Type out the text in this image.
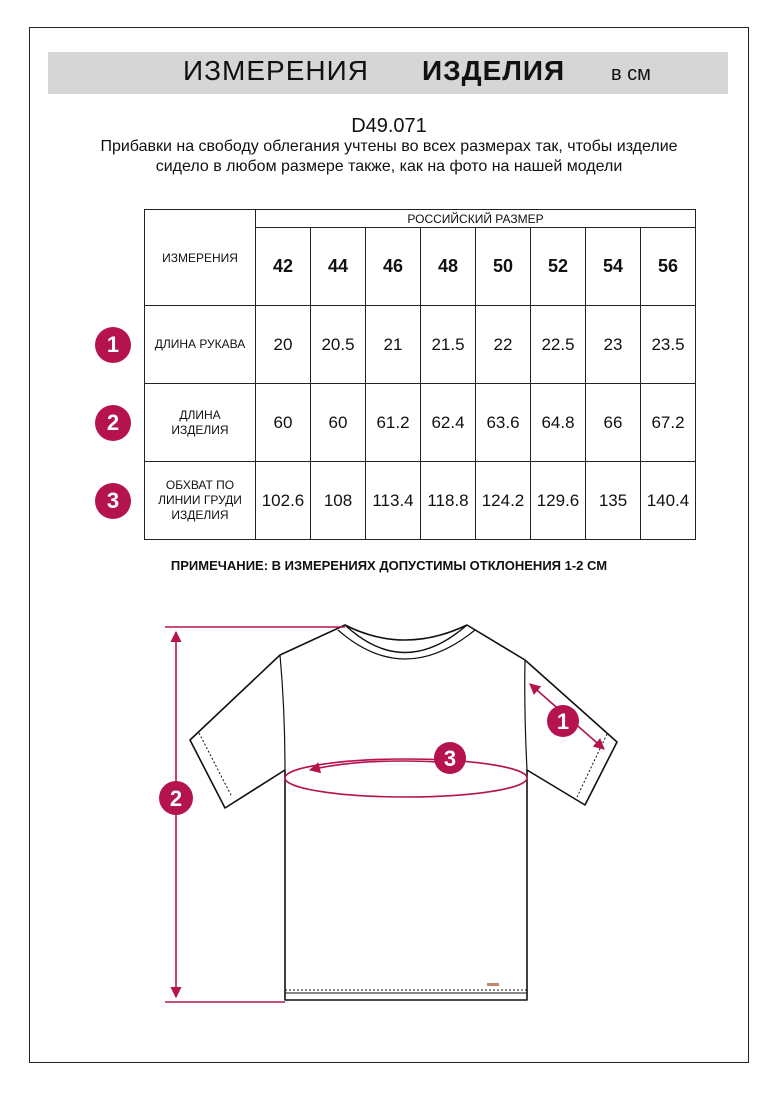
ИЗМЕРЕНИЯ ИЗДЕЛИЯ в см
D49.071
Прибавки на свободу облегания учтены во всех размерах так, чтобы изделие сидело в любом размере также, как на фото на нашей модели
ИЗМЕРЕНИЯ	РОССИЙСКИЙ РАЗМЕР							
	42	44	46	48	50	52	54	56
ДЛИНА РУКАВА	20	20.5	21	21.5	22	22.5	23	23.5
ДЛИНА ИЗДЕЛИЯ	60	60	61.2	62.4	63.6	64.8	66	67.2
ОБХВАТ ПО ЛИНИИ ГРУДИ ИЗДЕЛИЯ	102.6	108	113.4	118.8	124.2	129.6	135	140.4
1
2
3
ПРИМЕЧАНИЕ: В ИЗМЕРЕНИЯХ ДОПУСТИМЫ ОТКЛОНЕНИЯ 1-2 СМ
1
2
3
